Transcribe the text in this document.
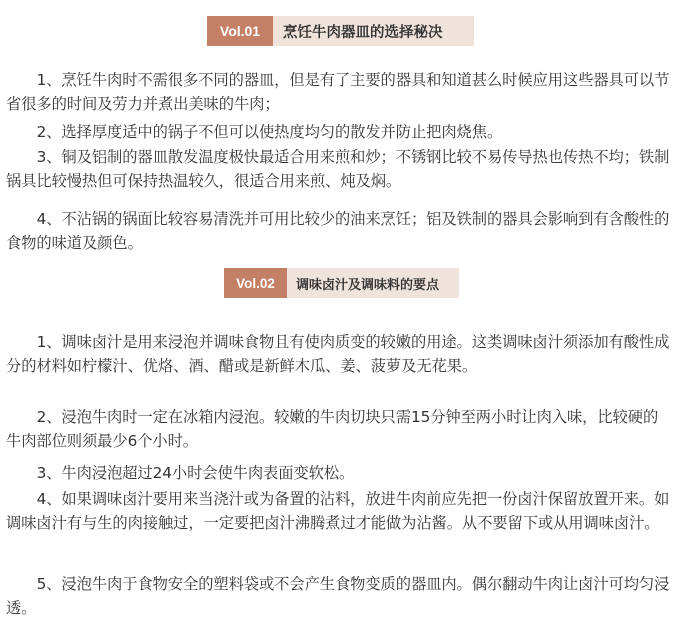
Vol.01	烹饪牛肉器皿的选择秘决

1、烹饪牛肉时不需很多不同的器皿，但是有了主要的器具和知道甚么时候应用这些器具可以节省很多的时间及劳力并煮出美味的牛肉；

2、选择厚度适中的锅子不但可以使热度均匀的散发并防止把肉烧焦。

3、铜及铝制的器皿散发温度极快最适合用来煎和炒；不锈钢比较不易传导热也传热不均；铁制锅具比较慢热但可保持热温较久，很适合用来煎、炖及焖。

4、不沾锅的锅面比较容易清洗并可用比较少的油来烹饪；铝及铁制的器具会影响到有含酸性的食物的味道及颜色。

Vol.02	调味卤汁及调味料的要点

1、调味卤汁是用来浸泡并调味食物且有使肉质变的较嫩的用途。这类调味卤汁须添加有酸性成分的材料如柠檬汁、优烙、酒、醋或是新鲜木瓜、姜、菠萝及无花果。

2、浸泡牛肉时一定在冰箱内浸泡。较嫩的牛肉切块只需15分钟至两小时让肉入味，比较硬的牛肉部位则须最少6个小时。

3、牛肉浸泡超过24小时会使牛肉表面变软松。

4、如果调味卤汁要用来当浇汁或为备置的沾料，放进牛肉前应先把一份卤汁保留放置开来。如调味卤汁有与生的肉接触过，一定要把卤汁沸腾煮过才能做为沾酱。从不要留下或从用调味卤汁。

5、浸泡牛肉于食物安全的塑料袋或不会产生食物变质的器皿内。偶尔翻动牛肉让卤汁可均匀浸透。
